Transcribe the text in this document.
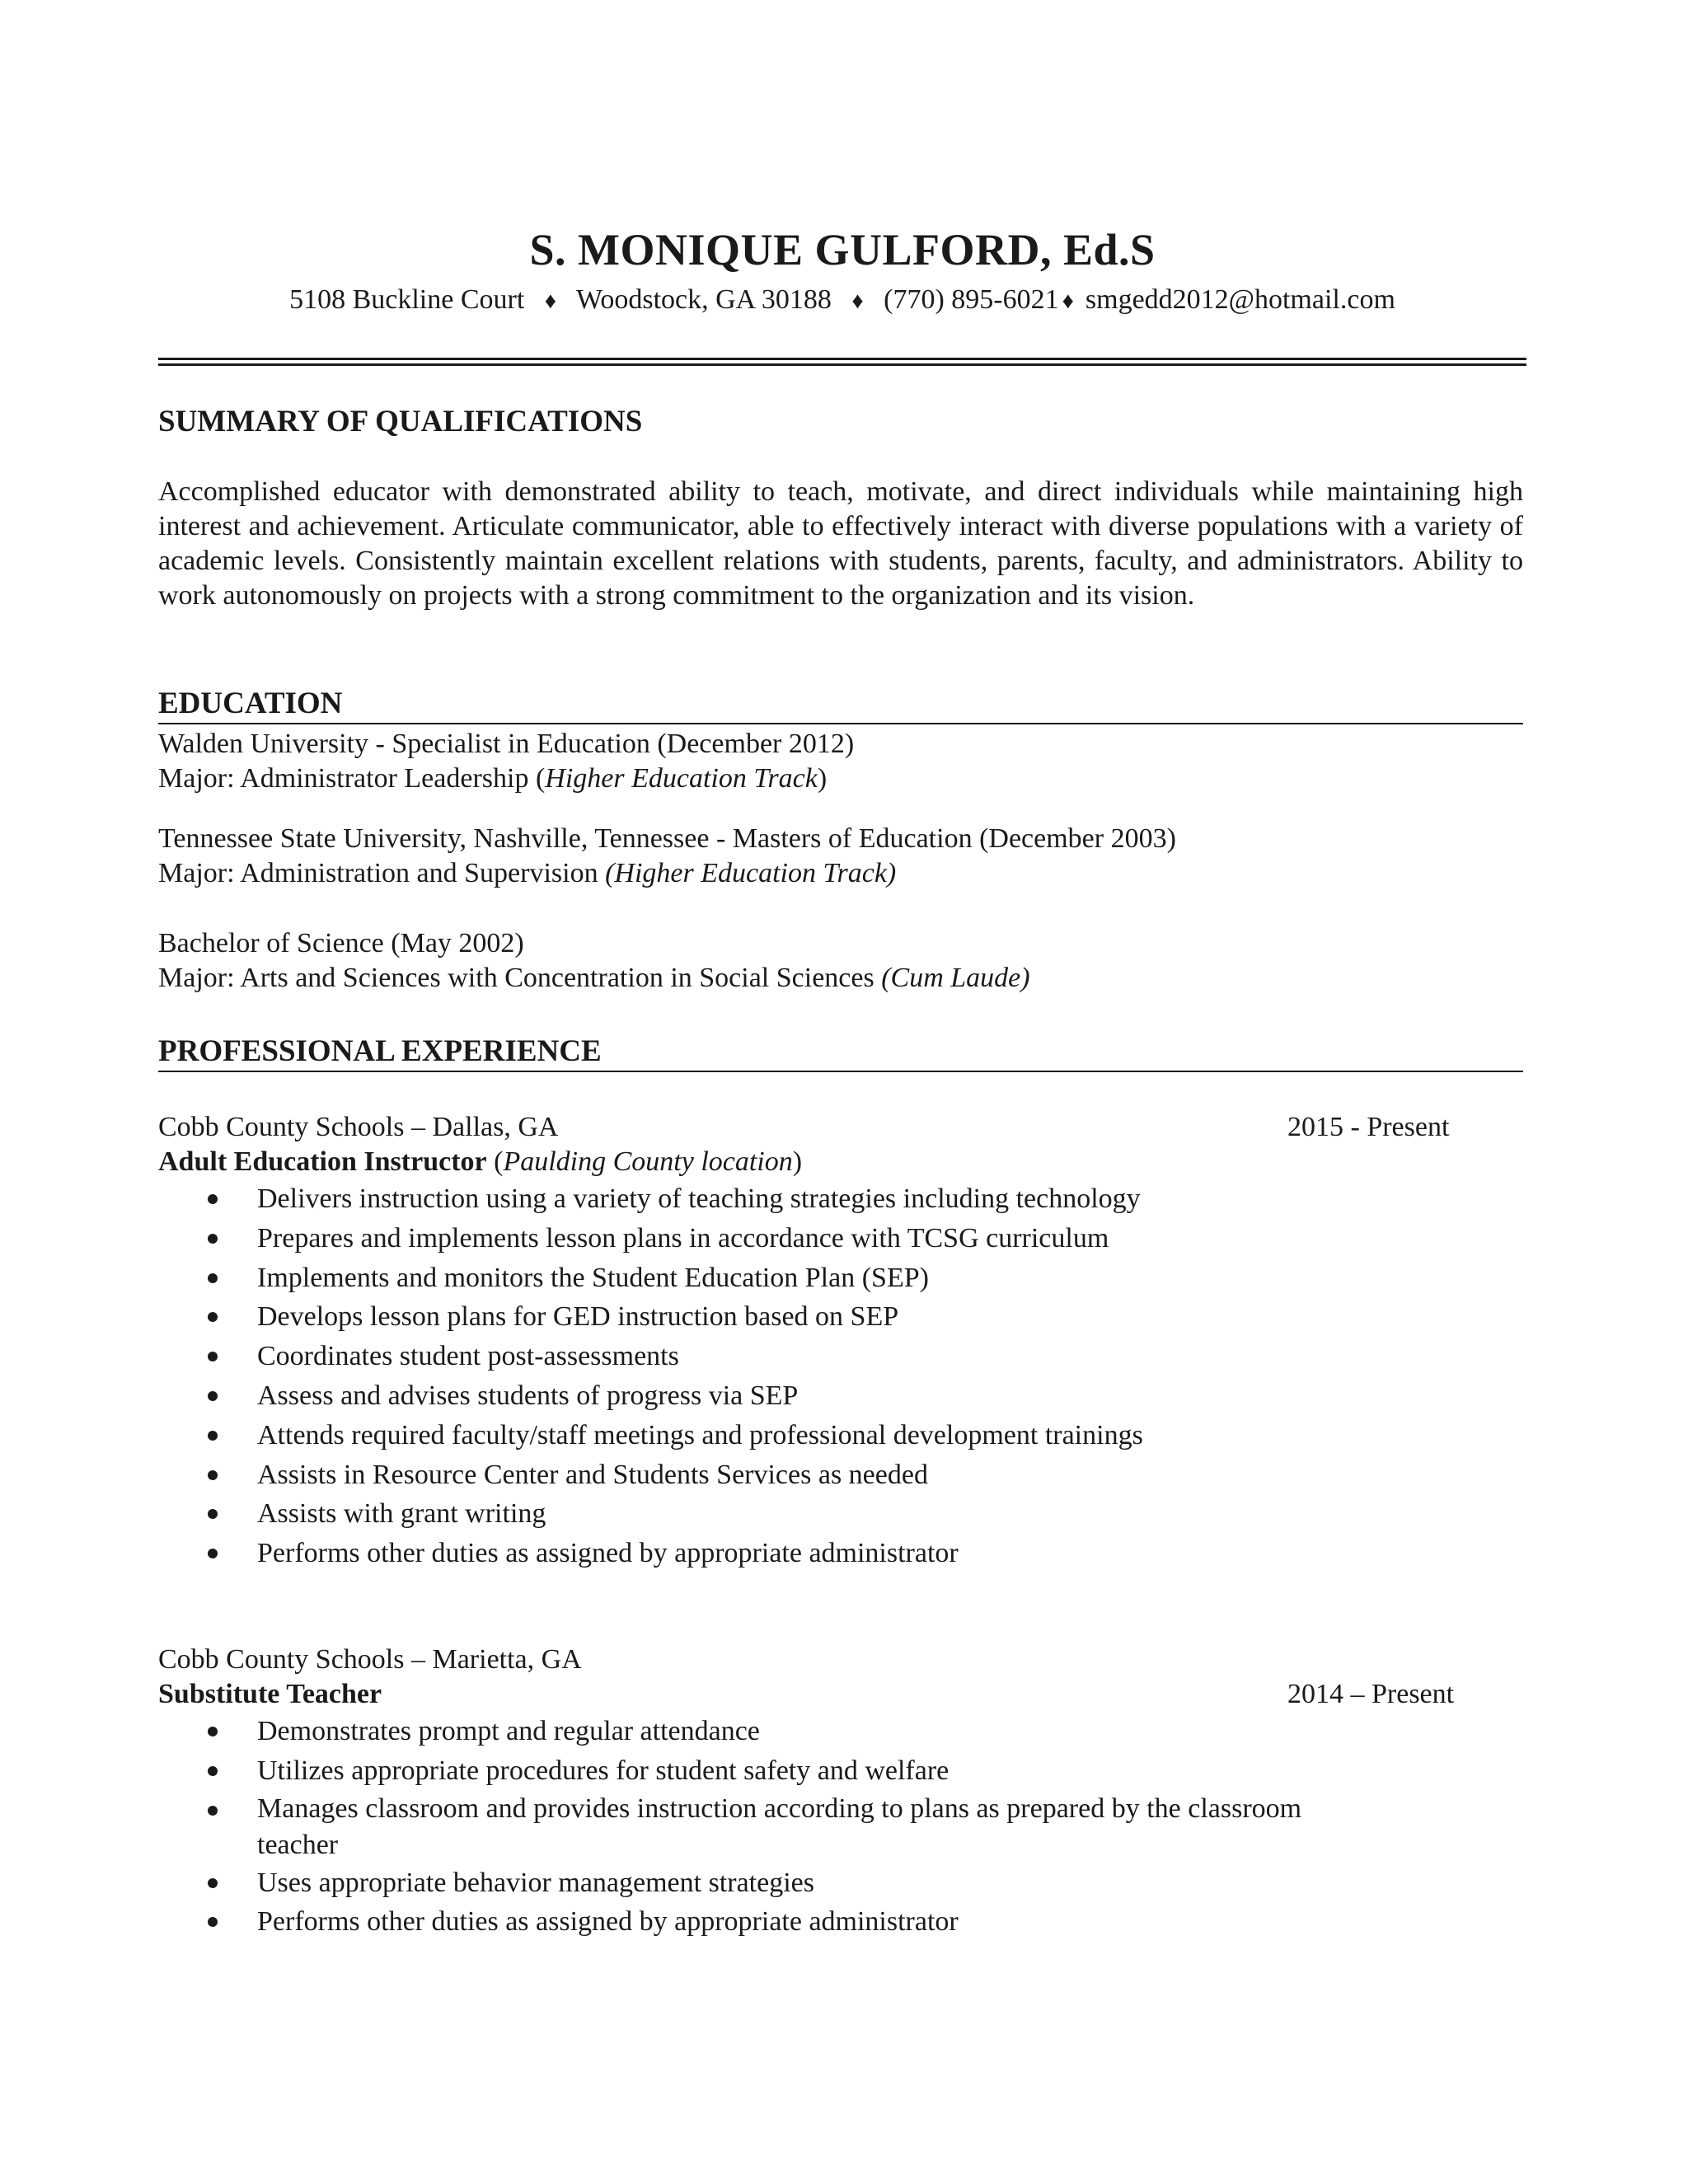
S. MONIQUE GULFORD, Ed.S
5108 Buckline Court ♦ Woodstock, GA 30188 ♦ (770) 895-6021 ♦ smgedd2012@hotmail.com
SUMMARY OF QUALIFICATIONS
Accomplished educator with demonstrated ability to teach, motivate, and direct individuals while maintaining high interest and achievement. Articulate communicator, able to effectively interact with diverse populations with a variety of academic levels. Consistently maintain excellent relations with students, parents, faculty, and administrators. Ability to work autonomously on projects with a strong commitment to the organization and its vision.
EDUCATION
Walden University - Specialist in Education (December 2012)
Major: Administrator Leadership (Higher Education Track)
Tennessee State University, Nashville, Tennessee - Masters of Education (December 2003)
Major: Administration and Supervision (Higher Education Track)
Bachelor of Science (May 2002)
Major: Arts and Sciences with Concentration in Social Sciences (Cum Laude)
PROFESSIONAL EXPERIENCE
Cobb County Schools – Dallas, GA	2015 - Present
Adult Education Instructor (Paulding County location)
Delivers instruction using a variety of teaching strategies including technology
Prepares and implements lesson plans in accordance with TCSG curriculum
Implements and monitors the Student Education Plan (SEP)
Develops lesson plans for GED instruction based on SEP
Coordinates student post-assessments
Assess and advises students of progress via SEP
Attends required faculty/staff meetings and professional development trainings
Assists in Resource Center and Students Services as needed
Assists with grant writing
Performs other duties as assigned by appropriate administrator
Cobb County Schools – Marietta, GA
Substitute Teacher	2014 – Present
Demonstrates prompt and regular attendance
Utilizes appropriate procedures for student safety and welfare
Manages classroom and provides instruction according to plans as prepared by the classroom teacher
Uses appropriate behavior management strategies
Performs other duties as assigned by appropriate administrator
